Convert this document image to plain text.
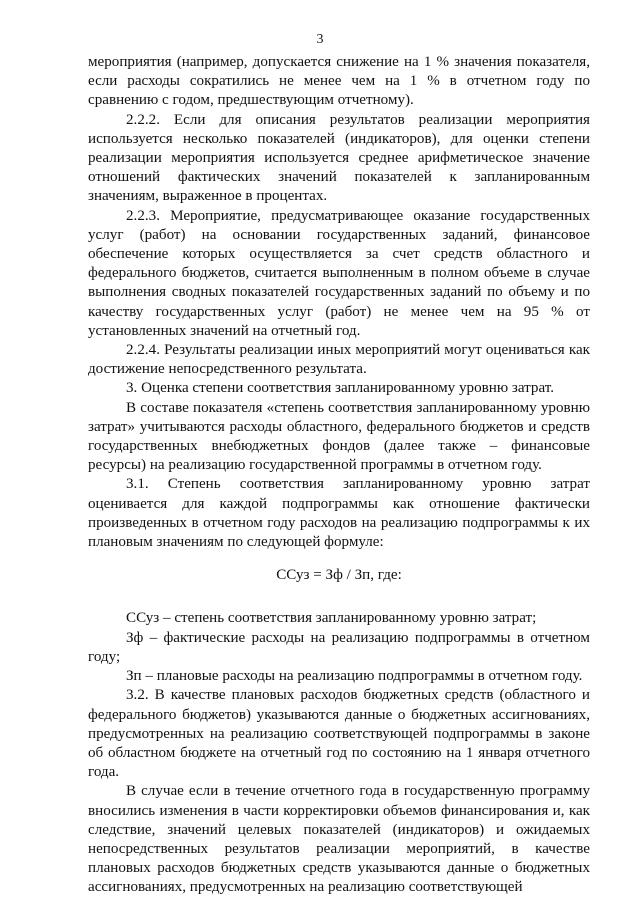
3

мероприятия (например, допускается снижение на 1 % значения показателя, если расходы сократились не менее чем на 1 % в отчетном году по сравнению с годом, предшествующим отчетному).

2.2.2. Если для описания результатов реализации мероприятия используется несколько показателей (индикаторов), для оценки степени реализации мероприятия используется среднее арифметическое значение отношений фактических значений показателей к запланированным значениям, выраженное в процентах.

2.2.3. Мероприятие, предусматривающее оказание государственных услуг (работ) на основании государственных заданий, финансовое обеспечение которых осуществляется за счет средств областного и федерального бюджетов, считается выполненным в полном объеме в случае выполнения сводных показателей государственных заданий по объему и по качеству государственных услуг (работ) не менее чем на 95 % от установленных значений на отчетный год.

2.2.4. Результаты реализации иных мероприятий могут оцениваться как достижение непосредственного результата.

3. Оценка степени соответствия запланированному уровню затрат.

В составе показателя «степень соответствия запланированному уровню затрат» учитываются расходы областного, федерального бюджетов и средств государственных внебюджетных фондов (далее также – финансовые ресурсы) на реализацию государственной программы в отчетном году.

3.1. Степень соответствия запланированному уровню затрат оценивается для каждой подпрограммы как отношение фактически произведенных в отчетном году расходов на реализацию подпрограммы к их плановым значениям по следующей формуле:

ССуз = Зф / Зп, где:

ССуз – степень соответствия запланированному уровню затрат;

Зф – фактические расходы на реализацию подпрограммы в отчетном году;

Зп – плановые расходы на реализацию подпрограммы в отчетном году.

3.2. В качестве плановых расходов бюджетных средств (областного и федерального бюджетов) указываются данные о бюджетных ассигнованиях, предусмотренных на реализацию соответствующей подпрограммы в законе об областном бюджете на отчетный год по состоянию на 1 января отчетного года.

В случае если в течение отчетного года в государственную программу вносились изменения в части корректировки объемов финансирования и, как следствие, значений целевых показателей (индикаторов) и ожидаемых непосредственных результатов реализации мероприятий, в качестве плановых расходов бюджетных средств указываются данные о бюджетных ассигнованиях, предусмотренных на реализацию соответствующей
